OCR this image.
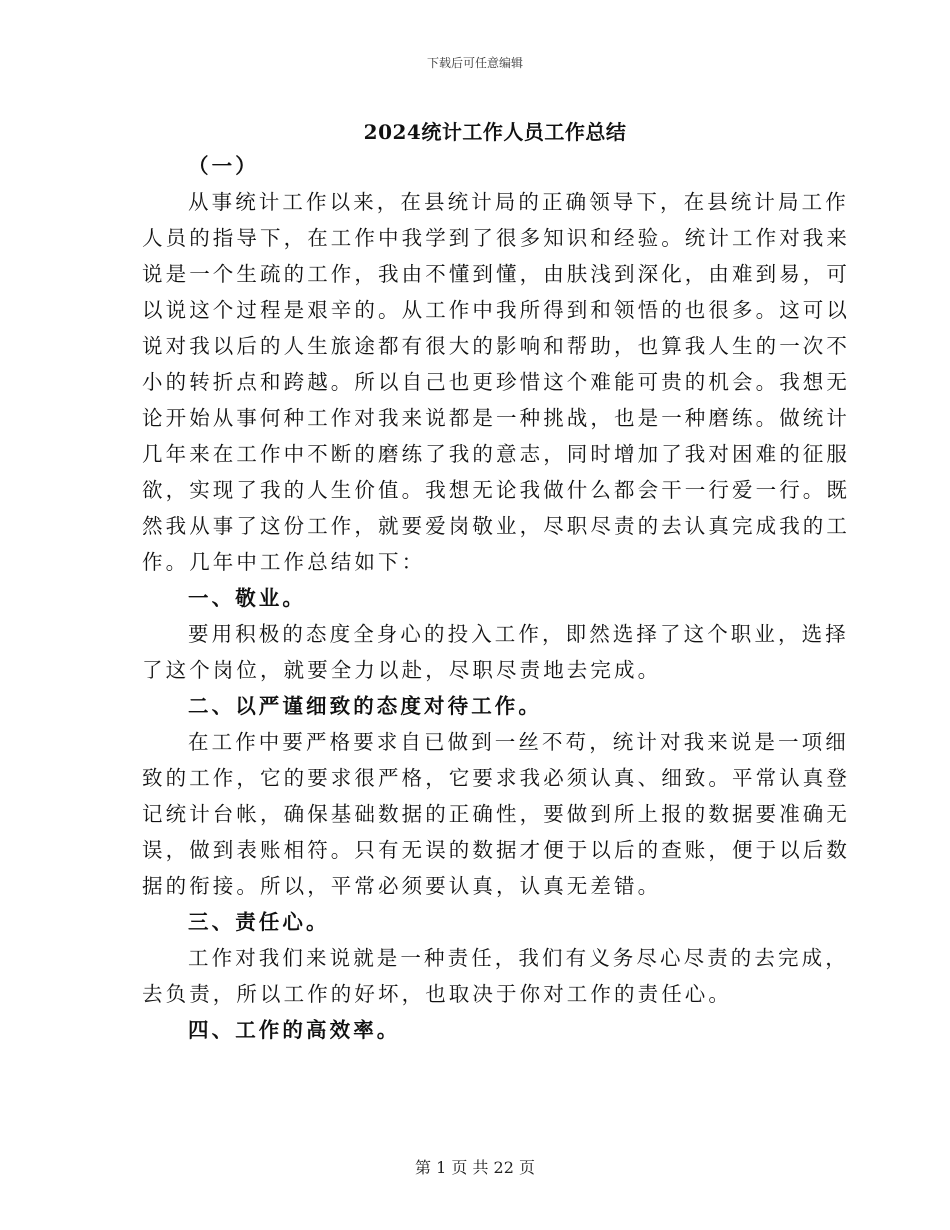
下载后可任意编辑
2024统计工作人员工作总结
（一）
从事统计工作以来，在县统计局的正确领导下，在县统计局工作
人员的指导下，在工作中我学到了很多知识和经验。统计工作对我来
说是一个生疏的工作，我由不懂到懂，由肤浅到深化，由难到易，可
以说这个过程是艰辛的。从工作中我所得到和领悟的也很多。这可以
说对我以后的人生旅途都有很大的影响和帮助，也算我人生的一次不
小的转折点和跨越。所以自己也更珍惜这个难能可贵的机会。我想无
论开始从事何种工作对我来说都是一种挑战，也是一种磨练。做统计
几年来在工作中不断的磨练了我的意志，同时增加了我对困难的征服
欲，实现了我的人生价值。我想无论我做什么都会干一行爱一行。既
然我从事了这份工作，就要爱岗敬业，尽职尽责的去认真完成我的工
作。几年中工作总结如下：
一、敬业。
要用积极的态度全身心的投入工作，即然选择了这个职业，选择
了这个岗位，就要全力以赴，尽职尽责地去完成。
二、以严谨细致的态度对待工作。
在工作中要严格要求自已做到一丝不苟，统计对我来说是一项细
致的工作，它的要求很严格，它要求我必须认真、细致。平常认真登
记统计台帐，确保基础数据的正确性，要做到所上报的数据要准确无
误，做到表账相符。只有无误的数据才便于以后的查账，便于以后数
据的衔接。所以，平常必须要认真，认真无差错。
三、责任心。
工作对我们来说就是一种责任，我们有义务尽心尽责的去完成，
去负责，所以工作的好坏，也取决于你对工作的责任心。
四、工作的高效率。
第 1 页 共 22 页
